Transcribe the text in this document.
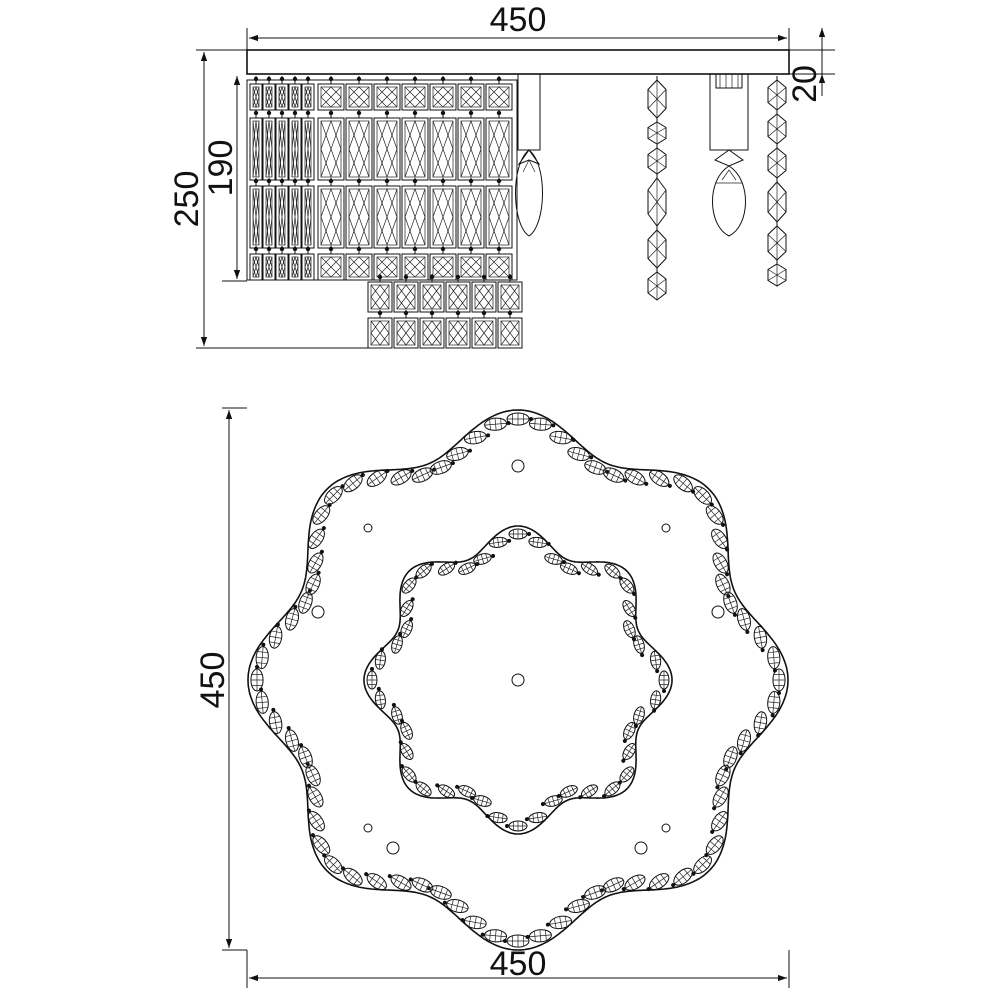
450
20
250
190
450
450
